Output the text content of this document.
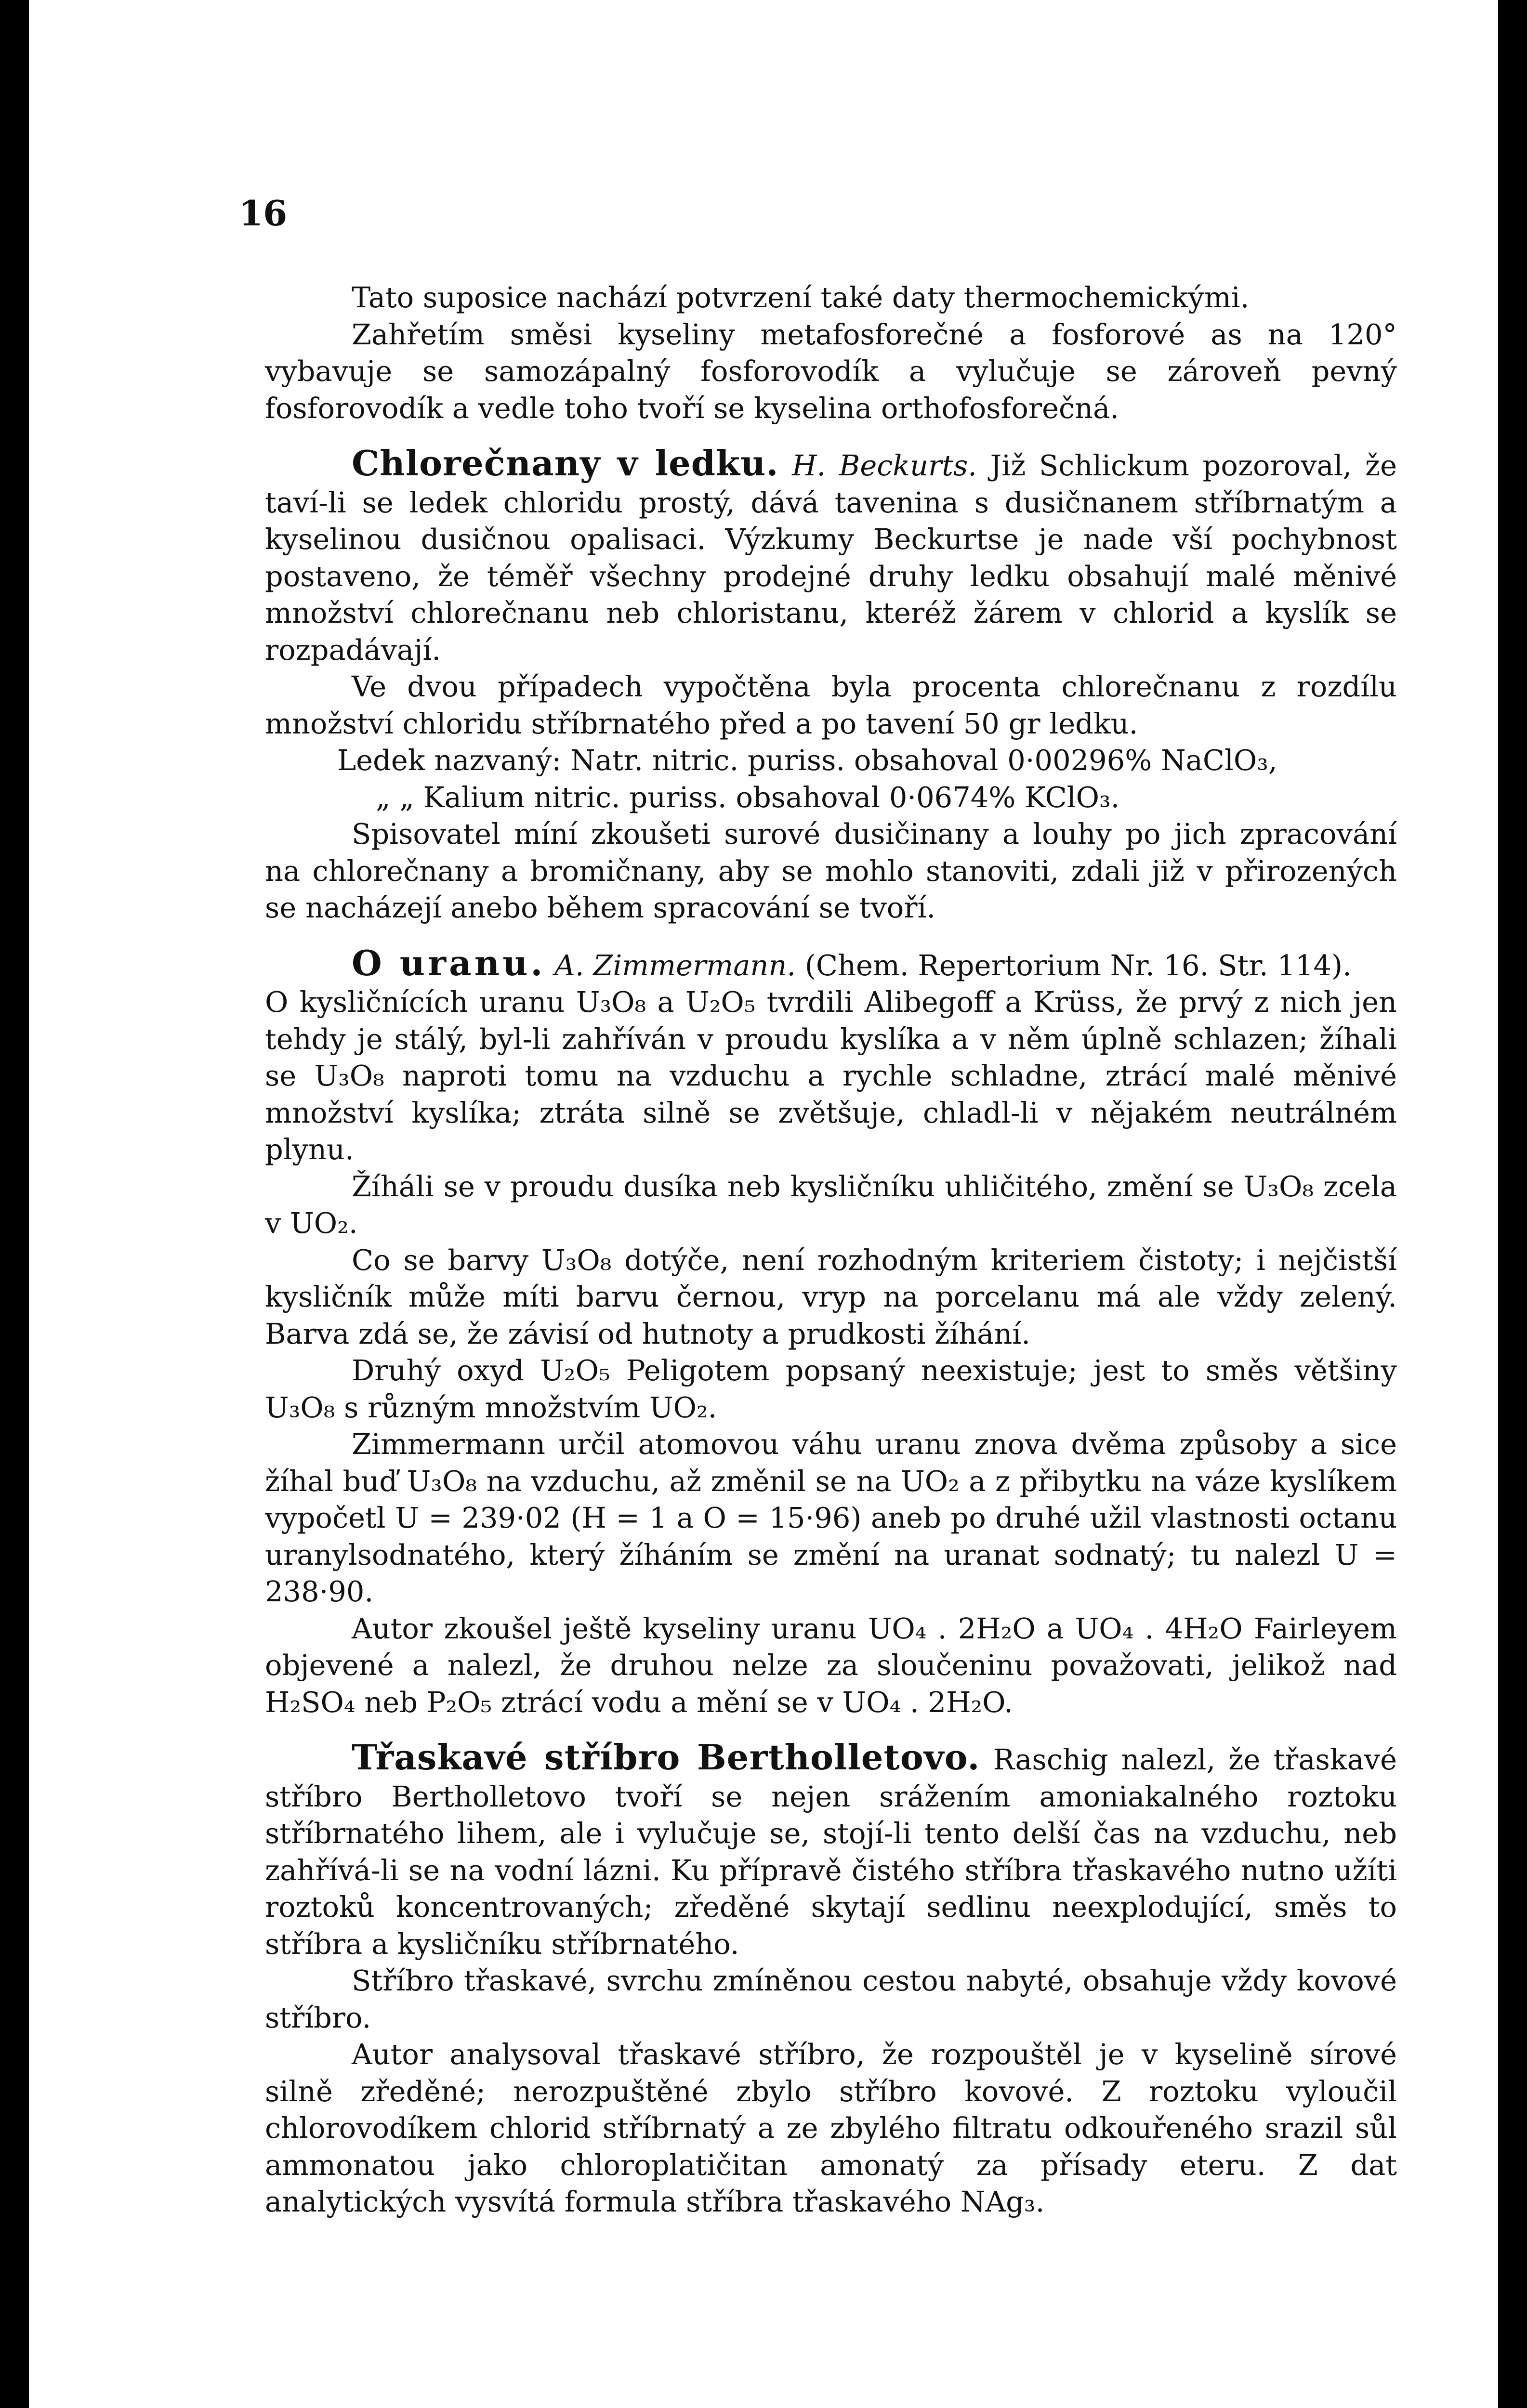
16

Tato suposice nachází potvrzení také daty thermochemickými.

Zahřetím směsi kyseliny metafosforečné a fosforové as na 120° vybavuje se samozápalný fosforovodík a vylučuje se zároveň pevný fosforovodík a vedle toho tvoří se kyselina orthofosforečná.

Chlorečnany v ledku. H. Beckurts. Již Schlickum pozoroval, že taví-li se ledek chloridu prostý, dává tavenina s dusičnanem stříbrnatým a kyselinou dusičnou opalisaci. Výzkumy Beckurtse je nade vší pochybnost postaveno, že téměř všechny prodejné druhy ledku obsahují malé měnivé množství chlorečnanu neb chloristanu, kteréž žárem v chlorid a kyslík se rozpadávají.

Ve dvou případech vypočtěna byla procenta chlorečnanu z rozdílu množství chloridu stříbrnatého před a po tavení 50 gr ledku.

Ledek nazvaný: Natr. nitric. puriss. obsahoval 0·00296% NaClO₃,

„ „ Kalium nitric. puriss. obsahoval 0·0674% KClO₃.

Spisovatel míní zkoušeti surové dusičinany a louhy po jich zpracování na chlorečnany a bromičnany, aby se mohlo stanoviti, zdali již v přirozených se nacházejí anebo během spracování se tvoří.

O uranu. A. Zimmermann. (Chem. Repertorium Nr. 16. Str. 114).

O kysličnících uranu U₃O₈ a U₂O₅ tvrdili Alibegoff a Krüss, že prvý z nich jen tehdy je stálý, byl-li zahříván v proudu kyslíka a v něm úplně schlazen; žíhali se U₃O₈ naproti tomu na vzduchu a rychle schladne, ztrácí malé měnivé množství kyslíka; ztráta silně se zvětšuje, chladl-li v nějakém neutrálném plynu.

Žíháli se v proudu dusíka neb kysličníku uhličitého, změní se U₃O₈ zcela v UO₂.

Co se barvy U₃O₈ dotýče, není rozhodným kriteriem čistoty; i nejčistší kysličník může míti barvu černou, vryp na porcelanu má ale vždy zelený. Barva zdá se, že závisí od hutnoty a prudkosti žíhání.

Druhý oxyd U₂O₅ Peligotem popsaný neexistuje; jest to směs většiny U₃O₈ s různým množstvím UO₂.

Zimmermann určil atomovou váhu uranu znova dvěma způsoby a sice žíhal buď U₃O₈ na vzduchu, až změnil se na UO₂ a z přibytku na váze kyslíkem vypočetl U = 239·02 (H = 1 a O = 15·96) aneb po druhé užil vlastnosti octanu uranylsodnatého, který žíháním se změní na uranat sodnatý; tu nalezl U = 238·90.

Autor zkoušel ještě kyseliny uranu UO₄ . 2H₂O a UO₄ . 4H₂O Fairleyem objevené a nalezl, že druhou nelze za sloučeninu považovati, jelikož nad H₂SO₄ neb P₂O₅ ztrácí vodu a mění se v UO₄ . 2H₂O.

Třaskavé stříbro Bertholletovo. Raschig nalezl, že třaskavé stříbro Bertholletovo tvoří se nejen srážením amoniakalného roztoku stříbrnatého lihem, ale i vylučuje se, stojí-li tento delší čas na vzduchu, neb zahřívá-li se na vodní lázni. Ku přípravě čistého stříbra třaskavého nutno užíti roztoků koncentrovaných; zředěné skytají sedlinu neexplodující, směs to stříbra a kysličníku stříbrnatého.

Stříbro třaskavé, svrchu zmíněnou cestou nabyté, obsahuje vždy kovové stříbro.

Autor analysoval třaskavé stříbro, že rozpouštěl je v kyselině sírové silně zředěné; nerozpuštěné zbylo stříbro kovové. Z roztoku vyloučil chlorovodíkem chlorid stříbrnatý a ze zbylého filtratu odkouřeného srazil sůl ammonatou jako chloroplatičitan amonatý za přísady eteru. Z dat analytických vysvítá formula stříbra třaskavého NAg₃.
